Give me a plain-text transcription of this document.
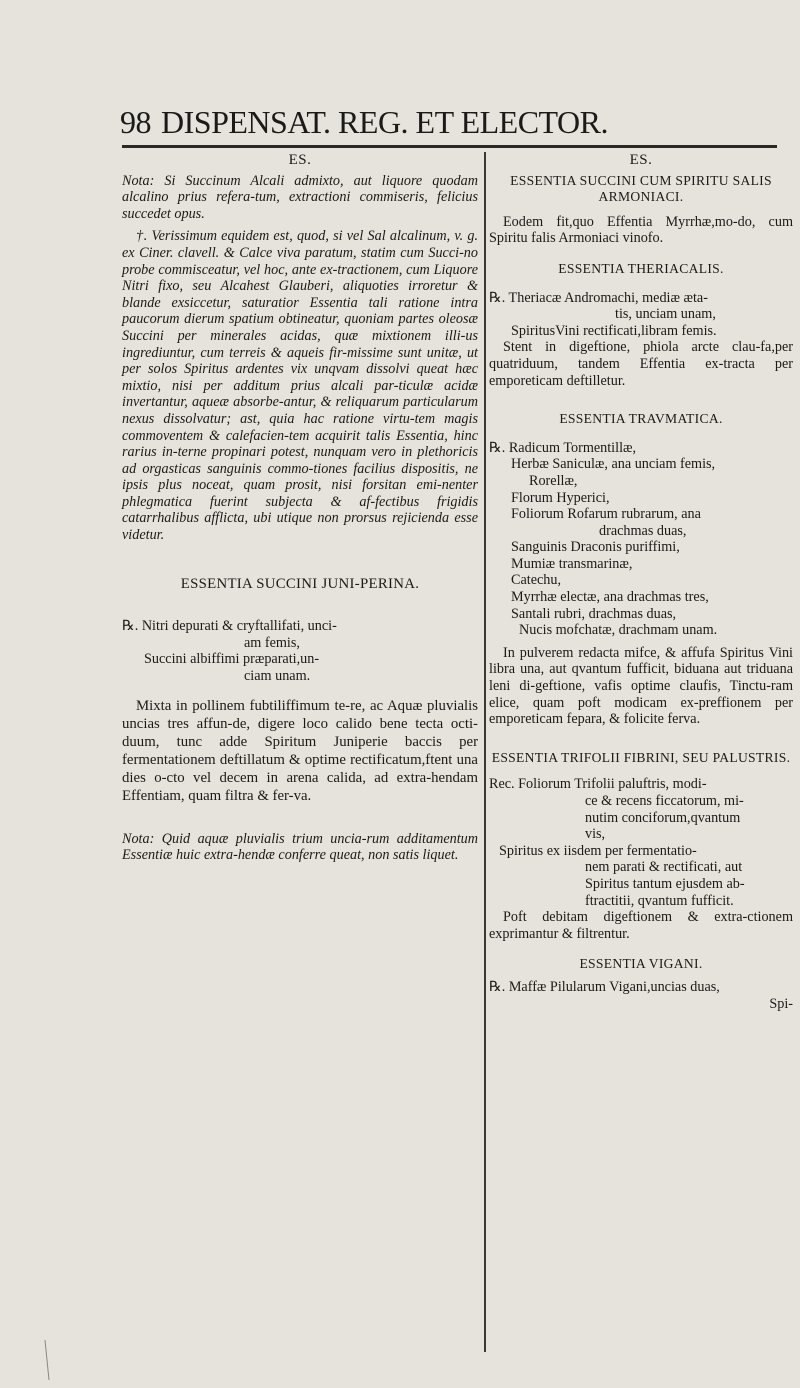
98 DISPENSAT. REG. ET ELECTOR.
ES.

Nota: Si Succinum Alcali admixto, aut liquore quodam alcalino prius refera-tum, extractioni commiseris, felicius succedet opus.

†. Verissimum equidem est, quod, si vel Sal alcalinum, v. g. ex Ciner. clavell. & Calce viva paratum, statim cum Succi-no probe commisceatur, vel hoc, ante ex-tractionem, cum Liquore Nitri fixo, seu Alcahest Glauberi, aliquoties irroretur & blande exsiccetur, saturatior Essentia tali ratione intra paucorum dierum spatium obtineatur, quoniam partes oleosæ Succini per minerales acidas, quæ mixtionem illi-us ingrediuntur, cum terreis & aqueis fir-missime sunt unitæ, ut per solos Spiritus ardentes vix unqvam dissolvi queat hæc mixtio, nisi per additum prius alcali par-ticulæ acidæ invertantur, aqueæ absorbe-antur, & reliquarum particularum nexus dissolvatur; ast, quia hac ratione virtu-tem magis commoventem & calefacien-tem acquirit talis Essentia, hinc rarius in-terne propinari potest, nunquam vero in plethoricis ad orgasticas sanguinis commo-tiones facilius dispositis, ne ipsis plus noceat, quam prosit, nisi forsitan emi-nenter phlegmatica fuerint subjecta & af-fectibus frigidis catarrhalibus afflicta, ubi utique non prorsus rejicienda esse videtur.

ESSENTIA SUCCINI JUNI-PERINA.

℞. Nitri depurati & cryftallifati, unci-

am femis,

Succini albiffimi præparati,un-

ciam unam.

Mixta in pollinem fubtiliffimum te-re, ac Aquæ pluvialis uncias tres affun-de, digere loco calido bene tecta octi-duum, tunc adde Spiritum Juniperie baccis per fermentationem deftillatum & optime rectificatum,ftent una dies o-cto vel decem in arena calida, ad extra-hendam Effentiam, quam filtra & fer-va.

Nota: Quid aquæ pluvialis trium uncia-rum additamentum Essentiæ huic extra-hendæ conferre queat, non satis liquet.

ES.
ESSENTIA SUCCINI CUM SPIRITU SALIS ARMONIACI.

Eodem fit,quo Effentia Myrrhæ,mo-do, cum Spiritu falis Armoniaci vinofo.

ESSENTIA THERIACALIS.

℞. Theriacæ Andromachi, mediæ æta-

tis, unciam unam,

SpiritusVini rectificati,libram femis.

Stent in digeftione, phiola arcte clau-fa,per quatriduum, tandem Effentia ex-tracta per emporeticam deftilletur.

ESSENTIA TRAVMATICA.

℞. Radicum Tormentillæ,

Herbæ Saniculæ, ana unciam femis,

Rorellæ,

Florum Hyperici,

Foliorum Rofarum rubrarum, ana

drachmas duas,

Sanguinis Draconis puriffimi,

Mumiæ transmarinæ,

Catechu,

Myrrhæ electæ, ana drachmas tres,

Santali rubri, drachmas duas,

Nucis mofchatæ, drachmam unam.

In pulverem redacta mifce, & affufa Spiritus Vini libra una, aut qvantum fufficit, biduana aut triduana leni di-geftione, vafis optime claufis, Tinctu-ram elice, quam poft modicam ex-preffionem per emporeticam fepara, & folicite ferva.

ESSENTIA TRIFOLII FIBRINI, SEU PALUSTRIS.

Rec. Foliorum Trifolii paluftris, modi-

ce & recens ficcatorum, mi-

nutim conciforum,qvantum

vis,

Spiritus ex iisdem per fermentatio-

nem parati & rectificati, aut

Spiritus tantum ejusdem ab-

ftractitii, qvantum fufficit.

Poft debitam digeftionem & extra-ctionem exprimantur & filtrentur.

ESSENTIA VIGANI.

℞. Maffæ Pilularum Vigani,uncias duas,

Spi-
